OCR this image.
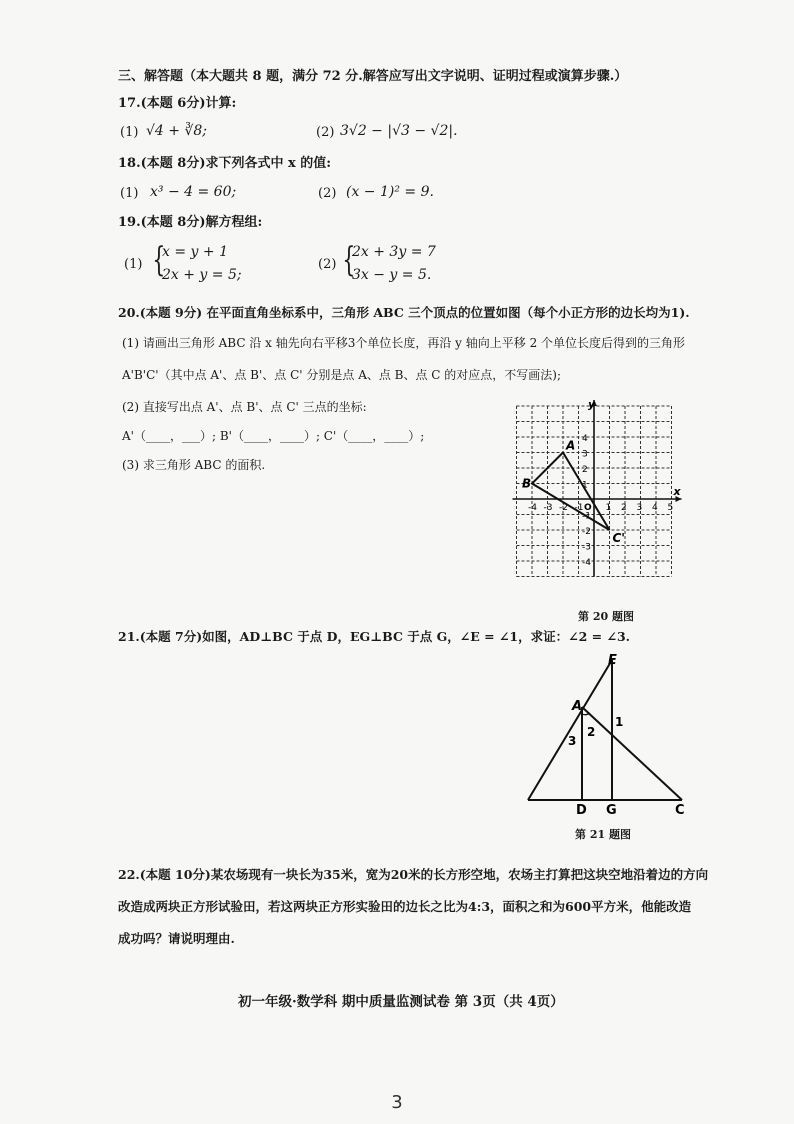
三、解答题（本大题共 8 题，满分 72 分.解答应写出文字说明、证明过程或演算步骤.）
17.(本题 6分)计算:
(1) √4 + ∛8;	(2) 3√2 − |√3 − √2|.
18.(本题 8分)求下列各式中 x 的值:
(1) x³ − 4 = 60;	(2) (x − 1)² = 9.
19.(本题 8分)解方程组:
(1) {
x = y + 1
2x + y = 5;
(2) {
2x + 3y = 7
3x − y = 5.
20.(本题 9分) 在平面直角坐标系中，三角形 ABC 三个顶点的位置如图（每个小正方形的边长均为1).
(1) 请画出三角形 ABC 沿 x 轴先向右平移3个单位长度，再沿 y 轴向上平移 2 个单位长度后得到的三角形
A'B'C'（其中点 A'、点 B'、点 C' 分别是点 A、点 B、点 C 的对应点，不写画法);
(2) 直接写出点 A'、点 B'、点 C' 三点的坐标:
A'（____，___）; B'（____，____）; C'（____，____）;
(3) 求三角形 ABC 的面积.
y
x
O
-4 -3 -2 -1 1 2 3 4 5
4
3
2
1
-1
-2
-3
-4
A
B
C'
第 20 题图
21.(本题 7分)如图，AD⊥BC 于点 D，EG⊥BC 于点 G，∠E = ∠1，求证：∠2 = ∠3.
E
A
D G	C
1
2
3
第 21 题图
22.(本题 10分)某农场现有一块长为35米，宽为20米的长方形空地，农场主打算把这块空地沿着边的方向
改造成两块正方形试验田，若这两块正方形实验田的边长之比为4:3，面积之和为600平方米，他能改造
成功吗？请说明理由.
初一年级·数学科 期中质量监测试卷 第 3页（共 4页）
3
